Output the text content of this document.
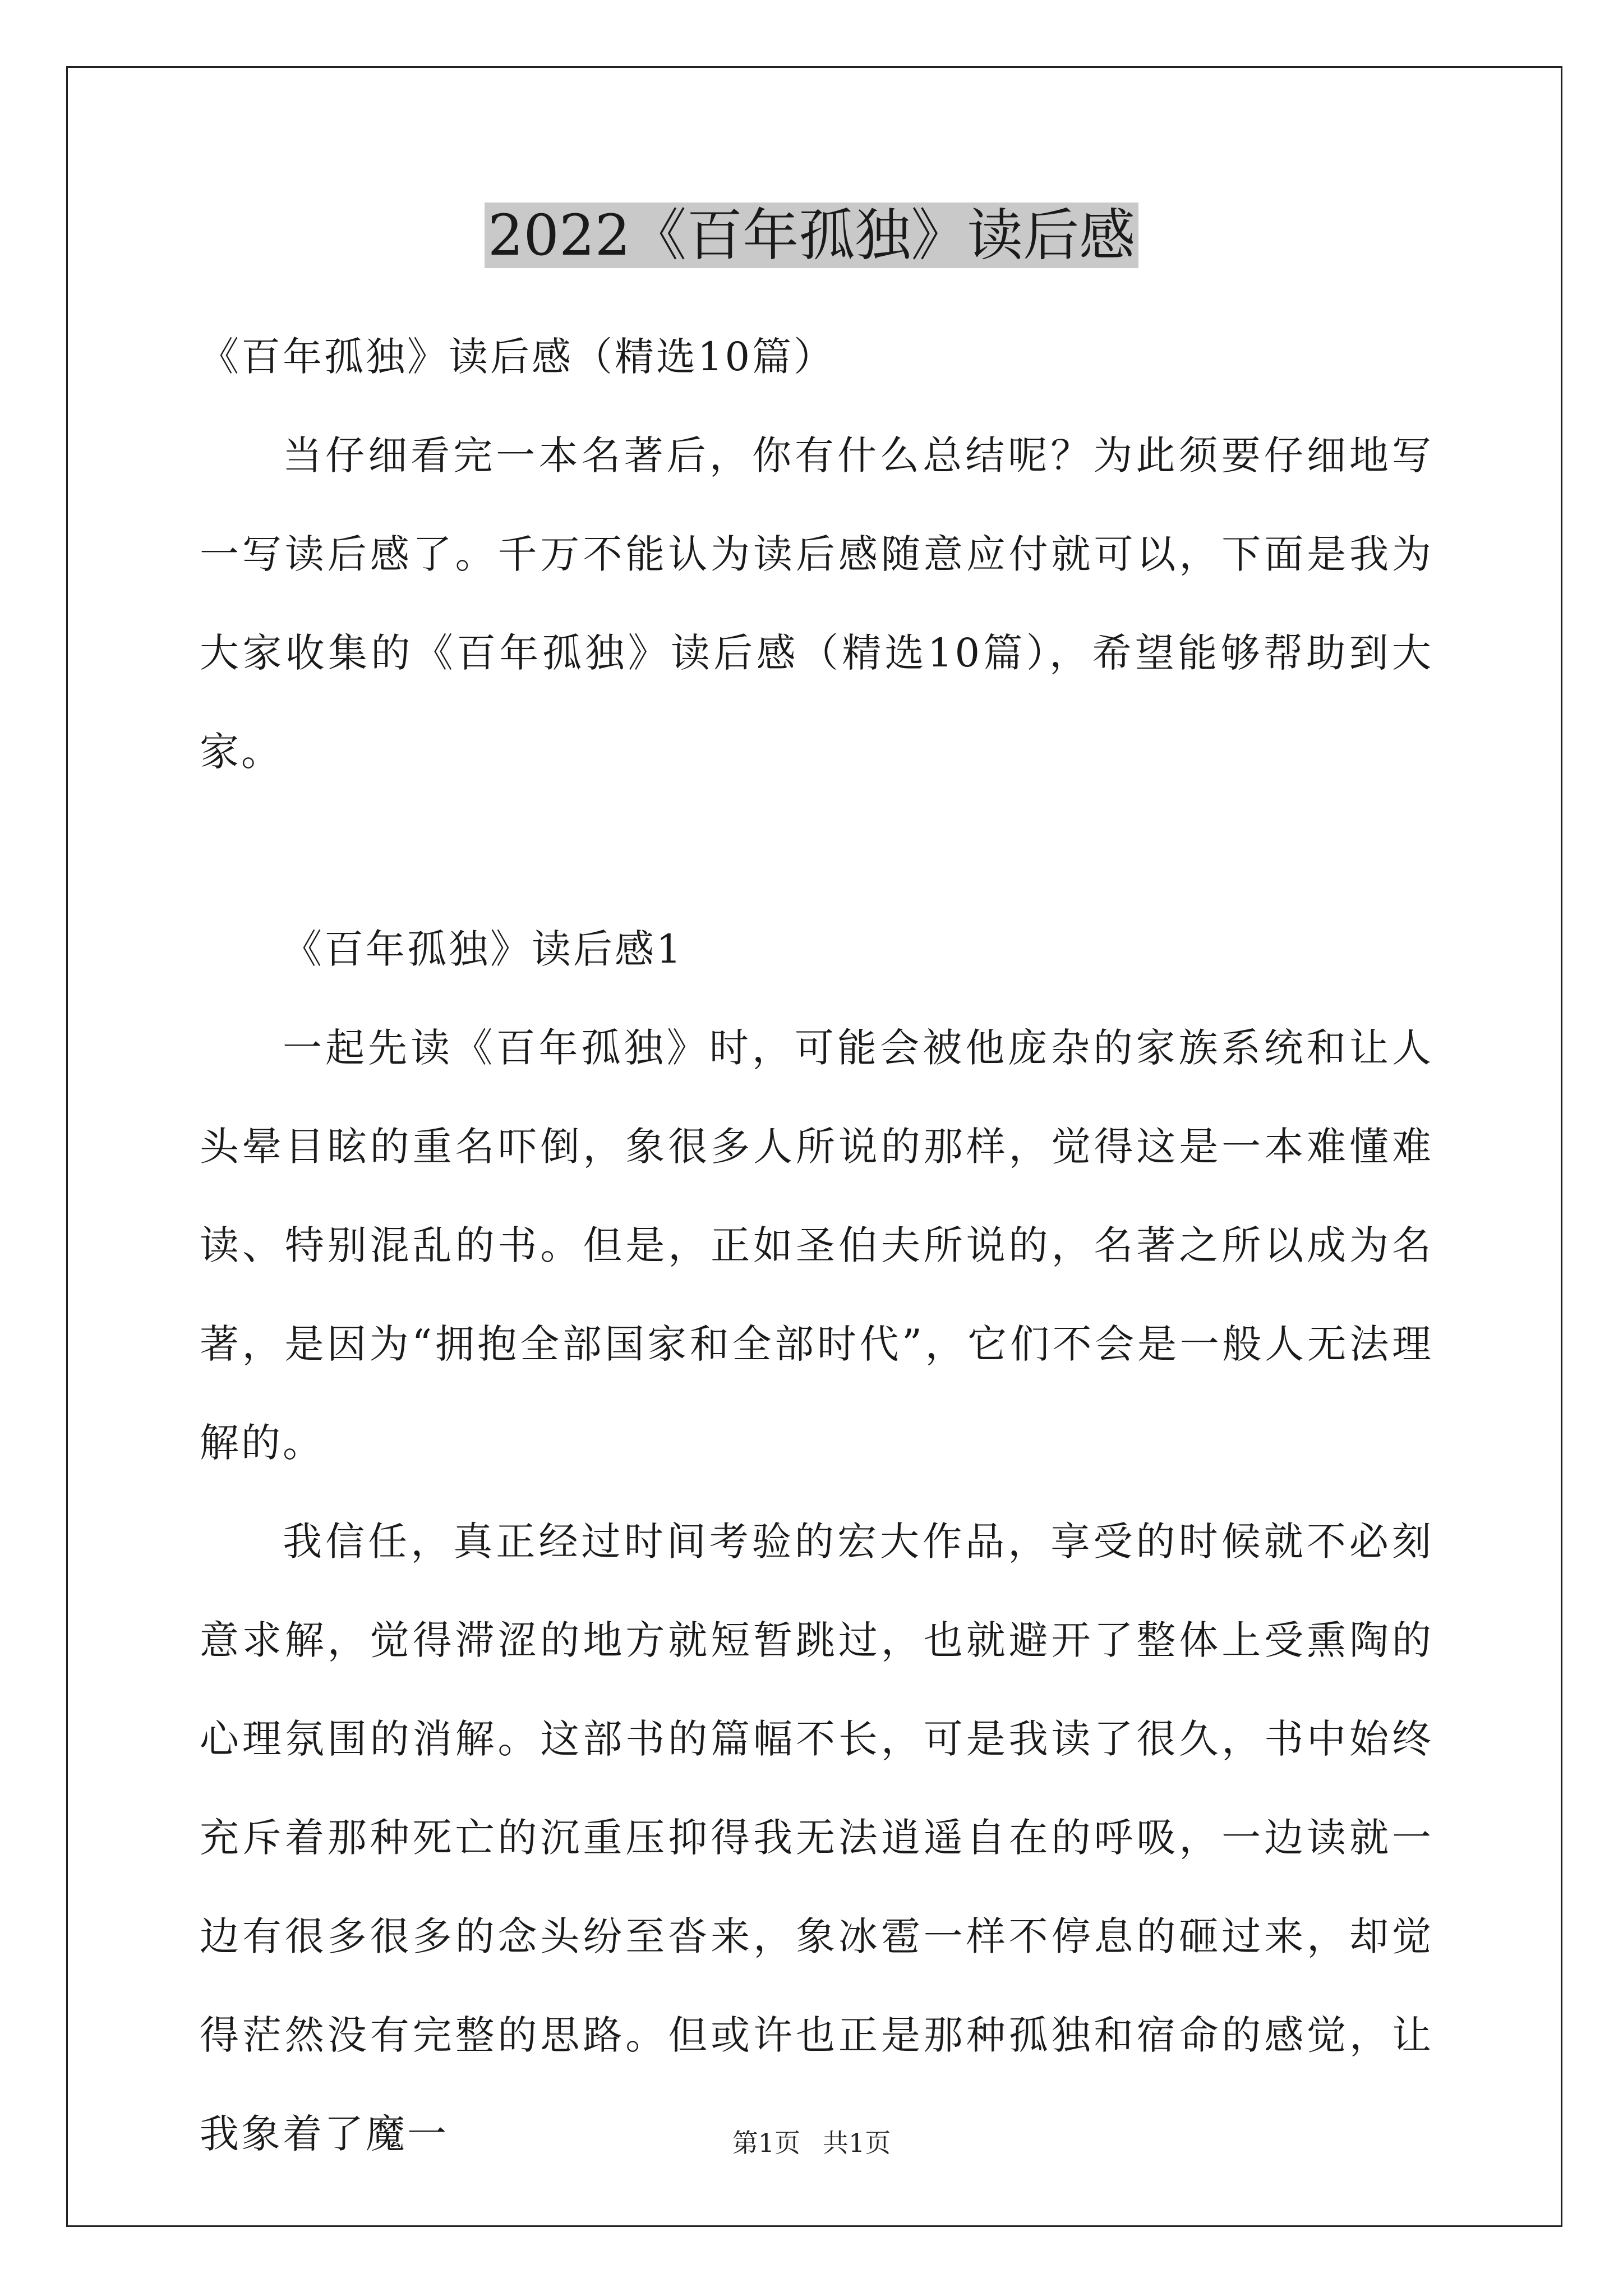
2022《百年孤独》读后感

《百年孤独》读后感（精选10篇）

当仔细看完一本名著后，你有什么总结呢？为此须要仔细地写一写读后感了。千万不能认为读后感随意应付就可以，下面是我为大家收集的《百年孤独》读后感（精选10篇），希望能够帮助到大家。

《百年孤独》读后感1

一起先读《百年孤独》时，可能会被他庞杂的家族系统和让人头晕目眩的重名吓倒，象很多人所说的那样，觉得这是一本难懂难读、特别混乱的书。但是，正如圣伯夫所说的，名著之所以成为名著，是因为“拥抱全部国家和全部时代”，它们不会是一般人无法理解的。

我信任，真正经过时间考验的宏大作品，享受的时候就不必刻意求解，觉得滞涩的地方就短暂跳过，也就避开了整体上受熏陶的心理氛围的消解。这部书的篇幅不长，可是我读了很久，书中始终充斥着那种死亡的沉重压抑得我无法逍遥自在的呼吸，一边读就一边有很多很多的念头纷至沓来，象冰雹一样不停息的砸过来，却觉得茫然没有完整的思路。但或许也正是那种孤独和宿命的感觉，让我象着了魔一	第1页 共1页
